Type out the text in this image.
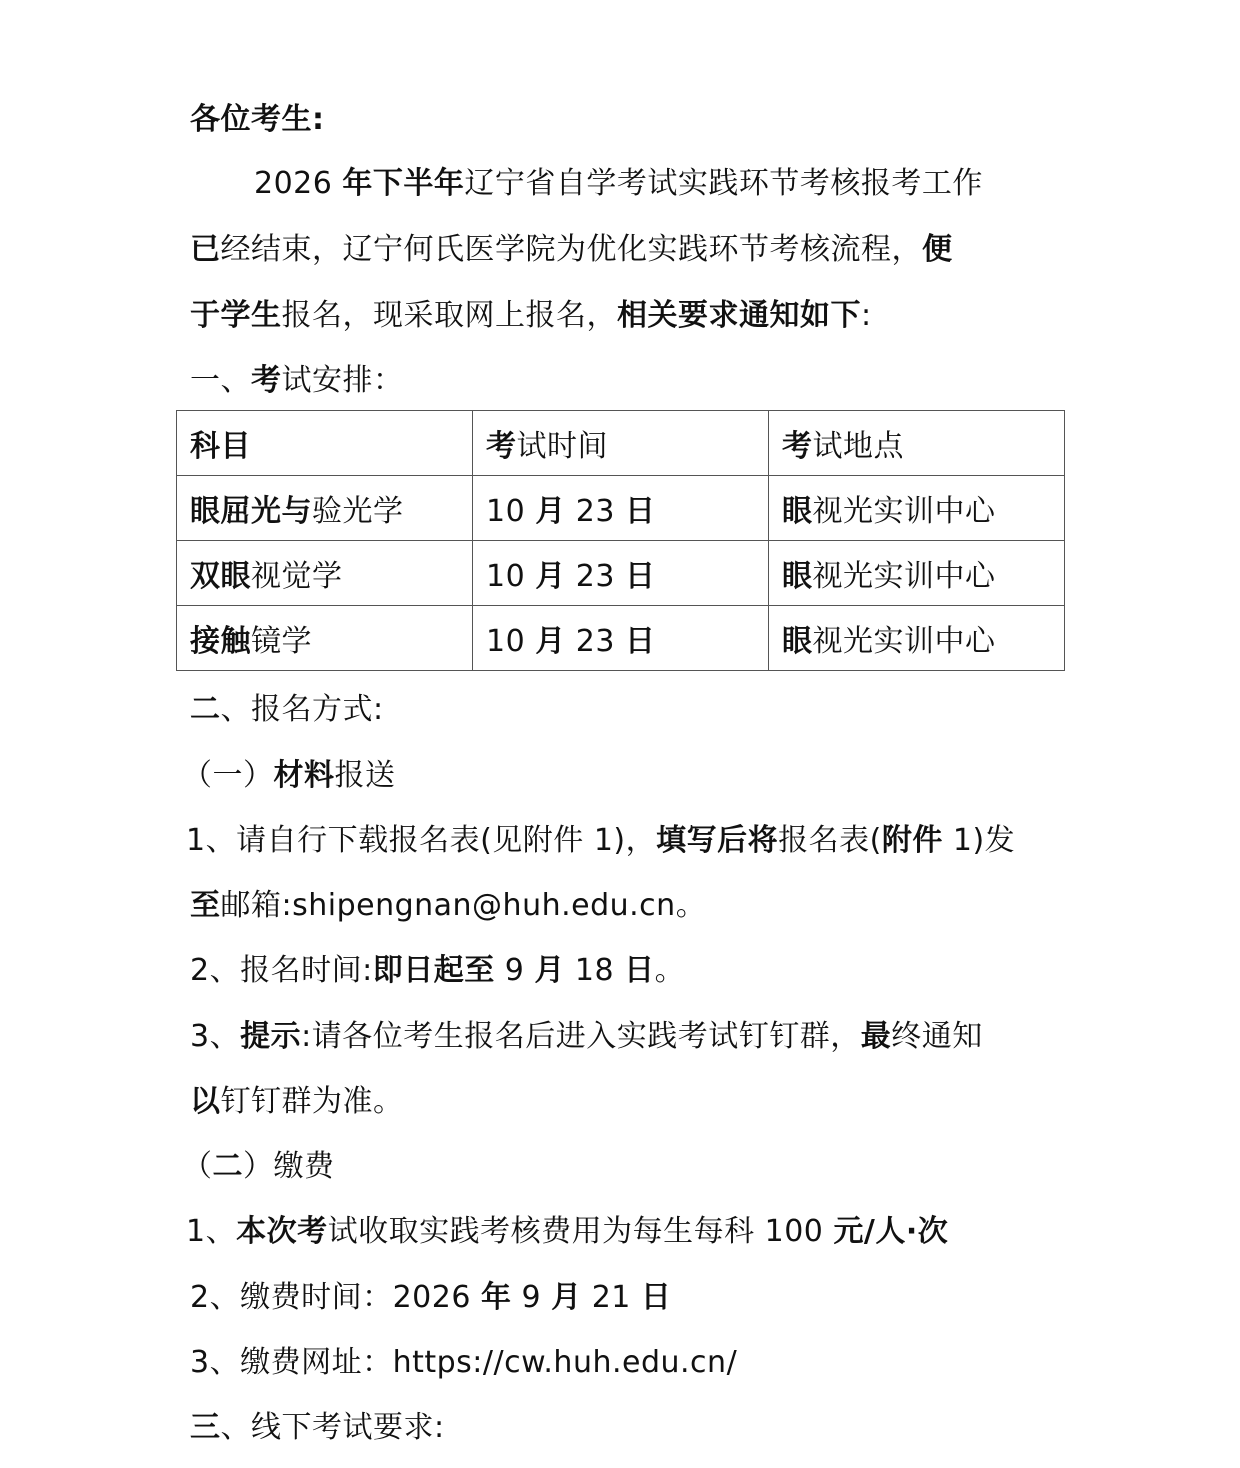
各位考生:
2026 年下半年辽宁省自学考试实践环节考核报考工作
已经结束，辽宁何氏医学院为优化实践环节考核流程，便
于学生报名，现采取网上报名，相关要求通知如下:
一、考试安排：
二、报名方式:
（一）材料报送
1、请自行下载报名表(见附件 1)，填写后将报名表(附件 1)发
至邮箱:shipengnan@huh.edu.cn。
2、报名时间:即日起至 9 月 18 日。
3、提示:请各位考生报名后进入实践考试钉钉群，最终通知
以钉钉群为准。
（二）缴费
1、本次考试收取实践考核费用为每生每科 100 元/人·次
2、缴费时间：2026 年 9 月 21 日
3、缴费网址：https://cw.huh.edu.cn/
三、线下考试要求:
科目	考试时间	考试地点
眼屈光与验光学	10 月 23 日	眼视光实训中心
双眼视觉学	10 月 23 日	眼视光实训中心
接触镜学	10 月 23 日	眼视光实训中心
